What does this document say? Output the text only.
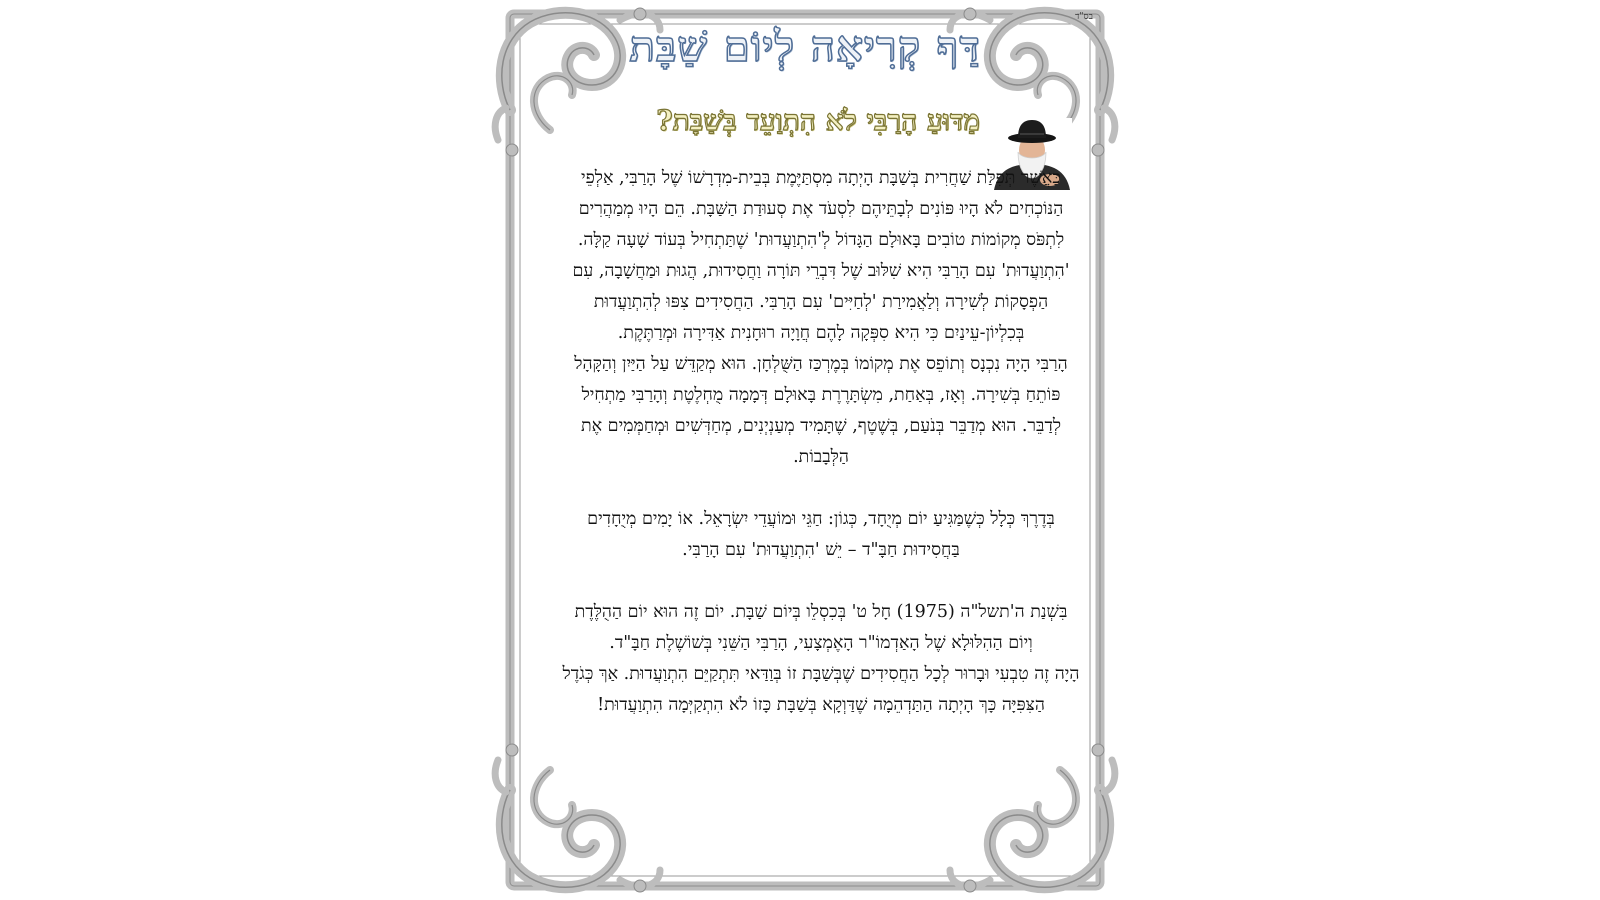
בס"ד
דַּף קְרִיאָה לְיוֹם שַׁבָּת
מַדּוּעַ הָרַבִּי לֹא הִתְוַעֵד בְּשַׁבָּת?

כַּאֲשֶׁר תְּפִלַּת שַׁחֲרִית בְּשַׁבָּת הָיְתָה מִסְתַּיֶּמֶת בְּבֵית-מִדְרָשׁוֹ שֶׁל הָרַבִּי, אַלְפֵי הַנּוֹכְחִים לֹא הָיוּ פּוֹנִים לְבָתֵּיהֶם לִסְעֹד אֶת סְעוּדַת הַשַּׁבָּת. הֵם הָיוּ מְמַהֲרִים לִתְפֹּס מְקוֹמוֹת טוֹבִים בָּאוּלָם הַגָּדוֹל לְ'הִתְוַעֲדוּת' שֶׁתַּתְחִיל בְּעוֹד שָׁעָה קַלָּה.

'הִתְוַעֲדוּת' עִם הָרַבִּי הִיא שִׁלּוּב שֶׁל דִּבְרֵי תּוֹרָה וַחֲסִידוּת, הֲגוּת וּמַחֲשָׁבָה, עִם הַפְסָקוֹת לְשִׁירָה וְלַאֲמִירַת 'לְחַיִּים' עִם הָרַבִּי. הַחֲסִידִים צִפּוּ לְהִתְוַעֲדוּת בְּכִלְיוֹן-עֵינַיִם כִּי הִיא סִפְּקָה לָהֶם חֲוָיָה רוּחָנִית אַדִּירָה וּמְרַתֶּקֶת.

הָרַבִּי הָיָה נִכְנָס וְתוֹפֵס אֶת מְקוֹמוֹ בְּמֶרְכַּז הַשֻּׁלְחָן. הוּא מְקַדֵּשׁ עַל הַיַּיִן וְהַקָּהָל פּוֹתֵחַ בְּשִׁירָה. וְאָז, בְּאַחַת, מִשְׂתָּרֶרֶת בָּאוּלָם דְּמָמָה מֻחְלֶטֶת וְהָרַבִּי מַתְחִיל לְדַבֵּר. הוּא מְדַבֵּר בְּנֹעַם, בְּשֶׁטֶף, שֶׁתָּמִיד מְעַנְיְנִים, מְחַדְּשִׁים וּמְחַמְּמִים אֶת הַלְּבָבוֹת.

בְּדֶרֶךְ כְּלָל כְּשֶׁמַּגִּיעַ יוֹם מְיֻחָד, כְּגוֹן: חַגֵּי וּמוֹעֲדֵי יִשְׂרָאֵל. אוֹ יָמִים מְיֻחָדִים בַּחֲסִידוּת חַבָּ"ד – יֵשׁ 'הִתְוַעֲדוּת' עִם הָרַבִּי.

בִּשְׁנַת ה'תשל"ה (1975) חָל ט' בְּכִסְלֵו בְּיוֹם שַׁבָּת. יוֹם זֶה הוּא יוֹם הַהֻלֶּדֶת וְיוֹם הַהִלּוּלָא שֶׁל הָאַדְמוֹ"ר הָאֶמְצָעִי, הָרַבִּי הַשֵּׁנִי בְּשׁוֹשֶׁלֶת חַבָּ"ד.

הָיָה זֶה טִבְעִי וּבָרוּר לְכָל הַחֲסִידִים שֶׁבְּשַׁבָּת זוֹ בְּוַדַּאי תִּתְקַיֵּם הִתְוַעֲדוּת. אַךְ כְּגֹדֶל הַצִּפִּיָּה כָּךְ הָיְתָה הַתַּדְהֵמָה שֶׁדַּוְקָא בְּשַׁבָּת כָּזוֹ לֹא הִתְקַיְּמָה הִתְוַעֲדוּת!
